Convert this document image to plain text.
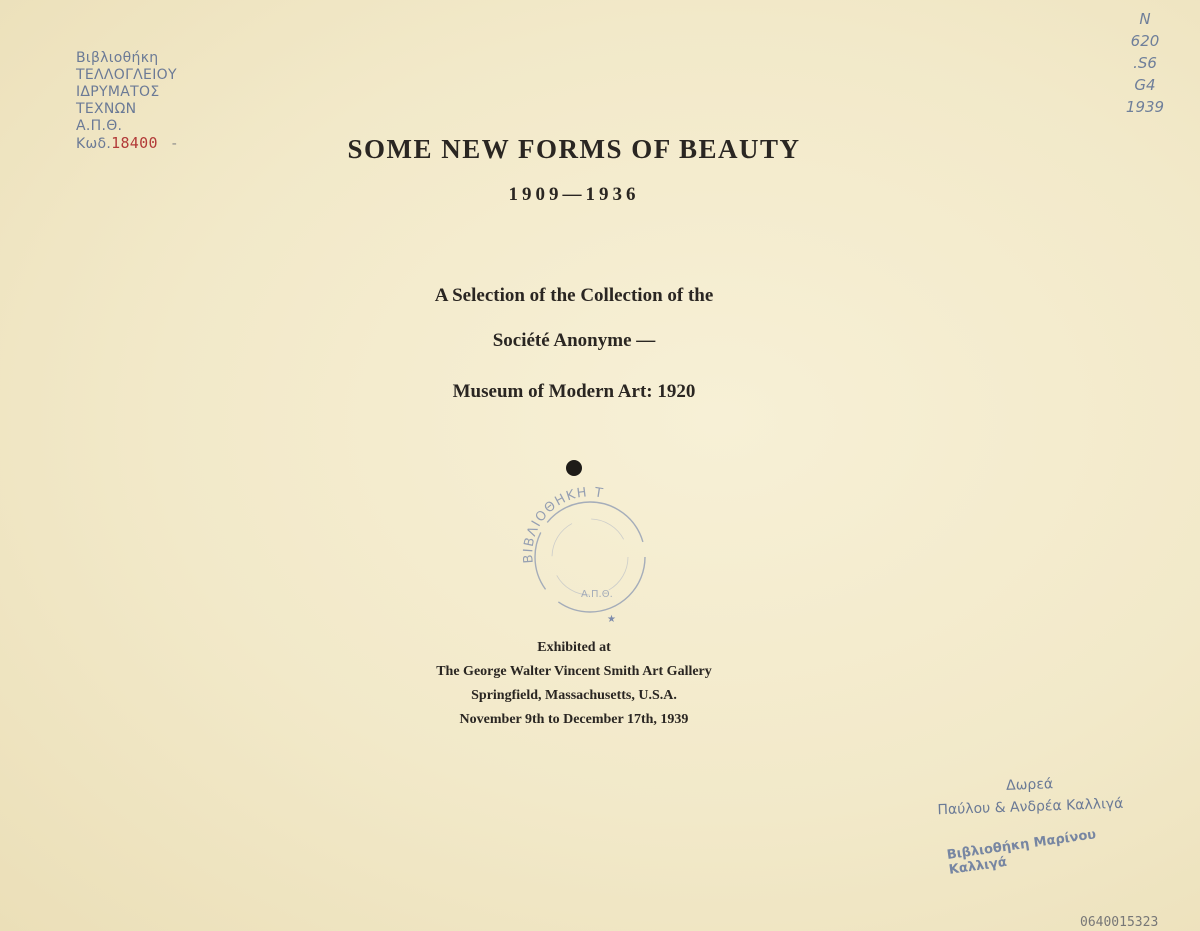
Βιβλιοθήκη
ΤΕΛΛΟΓΛΕΙΟΥ
ΙΔΡΥΜΑΤΟΣ
ΤΕΧΝΩΝ
Α.Π.Θ.
Κωδ.18400 -
N
620
.S6
G4
1939
SOME NEW FORMS OF BEAUTY
1909—1936
A Selection of the Collection of the
Société Anonyme —
Museum of Modern Art: 1920
ΒΙΒΛΙΟΘΗΚΗ Τ
Α.Π.Θ.
★
Exhibited at
The George Walter Vincent Smith Art Gallery
Springfield, Massachusetts, U.S.A.
November 9th to December 17th, 1939
Δωρεά
Παύλου & Ανδρέα Καλλιγά
Βιβλιοθήκη Μαρίνου Καλλιγά
0640015323
